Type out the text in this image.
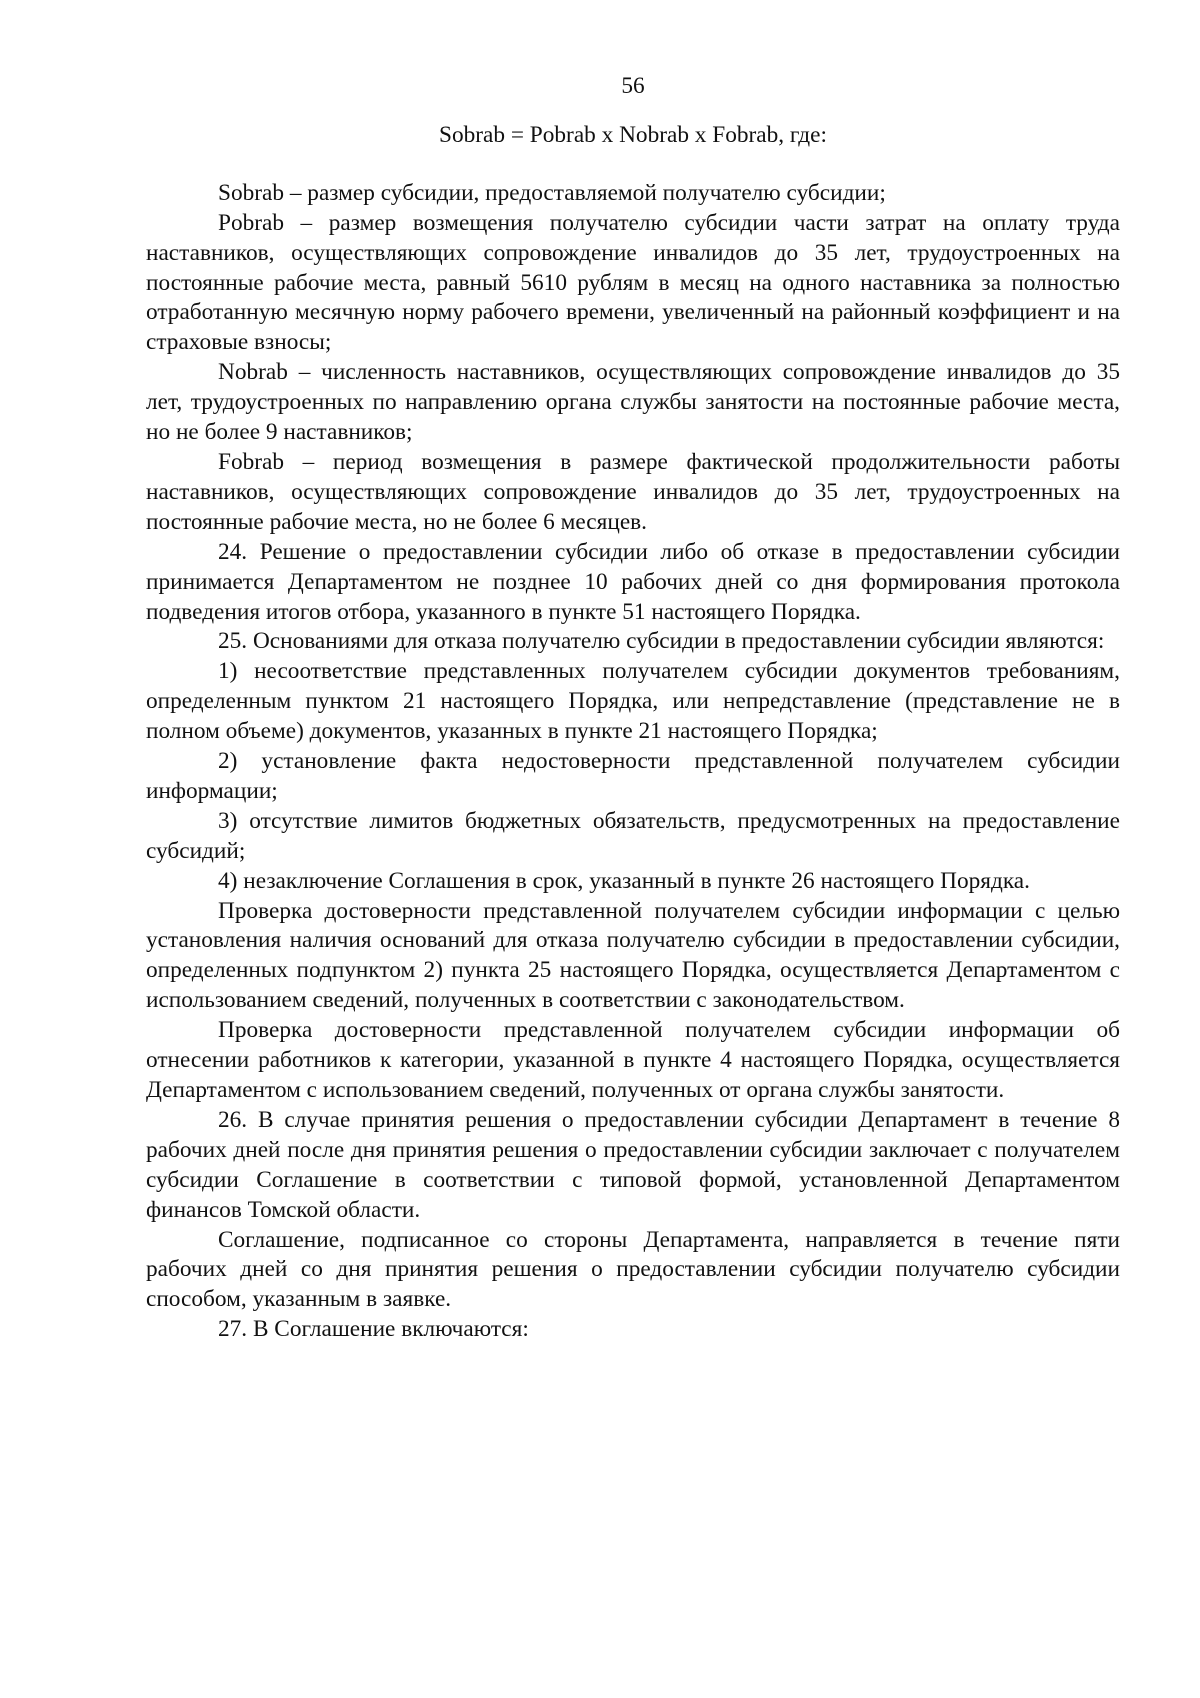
56
Sobrab = Pobrab x Nobrab x Fobrab, где:

Sobrab – размер субсидии, предоставляемой получателю субсидии;

Pobrab – размер возмещения получателю субсидии части затрат на оплату труда наставников, осуществляющих сопровождение инвалидов до 35 лет, трудоустроенных на постоянные рабочие места, равный 5610 рублям в месяц на одного наставника за полностью отработанную месячную норму рабочего времени, увеличенный на районный коэффициент и на страховые взносы;

Nobrab – численность наставников, осуществляющих сопровождение инвалидов до 35 лет, трудоустроенных по направлению органа службы занятости на постоянные рабочие места, но не более 9 наставников;

Fobrab – период возмещения в размере фактической продолжительности работы наставников, осуществляющих сопровождение инвалидов до 35 лет, трудоустроенных на постоянные рабочие места, но не более 6 месяцев.

24. Решение о предоставлении субсидии либо об отказе в предоставлении субсидии принимается Департаментом не позднее 10 рабочих дней со дня формирования протокола подведения итогов отбора, указанного в пункте 51 настоящего Порядка.

25. Основаниями для отказа получателю субсидии в предоставлении субсидии являются:

1) несоответствие представленных получателем субсидии документов требованиям, определенным пунктом 21 настоящего Порядка, или непредставление (представление не в полном объеме) документов, указанных в пункте 21 настоящего Порядка;

2) установление факта недостоверности представленной получателем субсидии информации;

3) отсутствие лимитов бюджетных обязательств, предусмотренных на предоставление субсидий;

4) незаключение Соглашения в срок, указанный в пункте 26 настоящего Порядка.

Проверка достоверности представленной получателем субсидии информации с целью установления наличия оснований для отказа получателю субсидии в предоставлении субсидии, определенных подпунктом 2) пункта 25 настоящего Порядка, осуществляется Департаментом с использованием сведений, полученных в соответствии с законодательством.

Проверка достоверности представленной получателем субсидии информации об отнесении работников к категории, указанной в пункте 4 настоящего Порядка, осуществляется Департаментом с использованием сведений, полученных от органа службы занятости.

26. В случае принятия решения о предоставлении субсидии Департамент в течение 8 рабочих дней после дня принятия решения о предоставлении субсидии заключает с получателем субсидии Соглашение в соответствии с типовой формой, установленной Департаментом финансов Томской области.

Соглашение, подписанное со стороны Департамента, направляется в течение пяти рабочих дней со дня принятия решения о предоставлении субсидии получателю субсидии способом, указанным в заявке.

27. В Соглашение включаются:
